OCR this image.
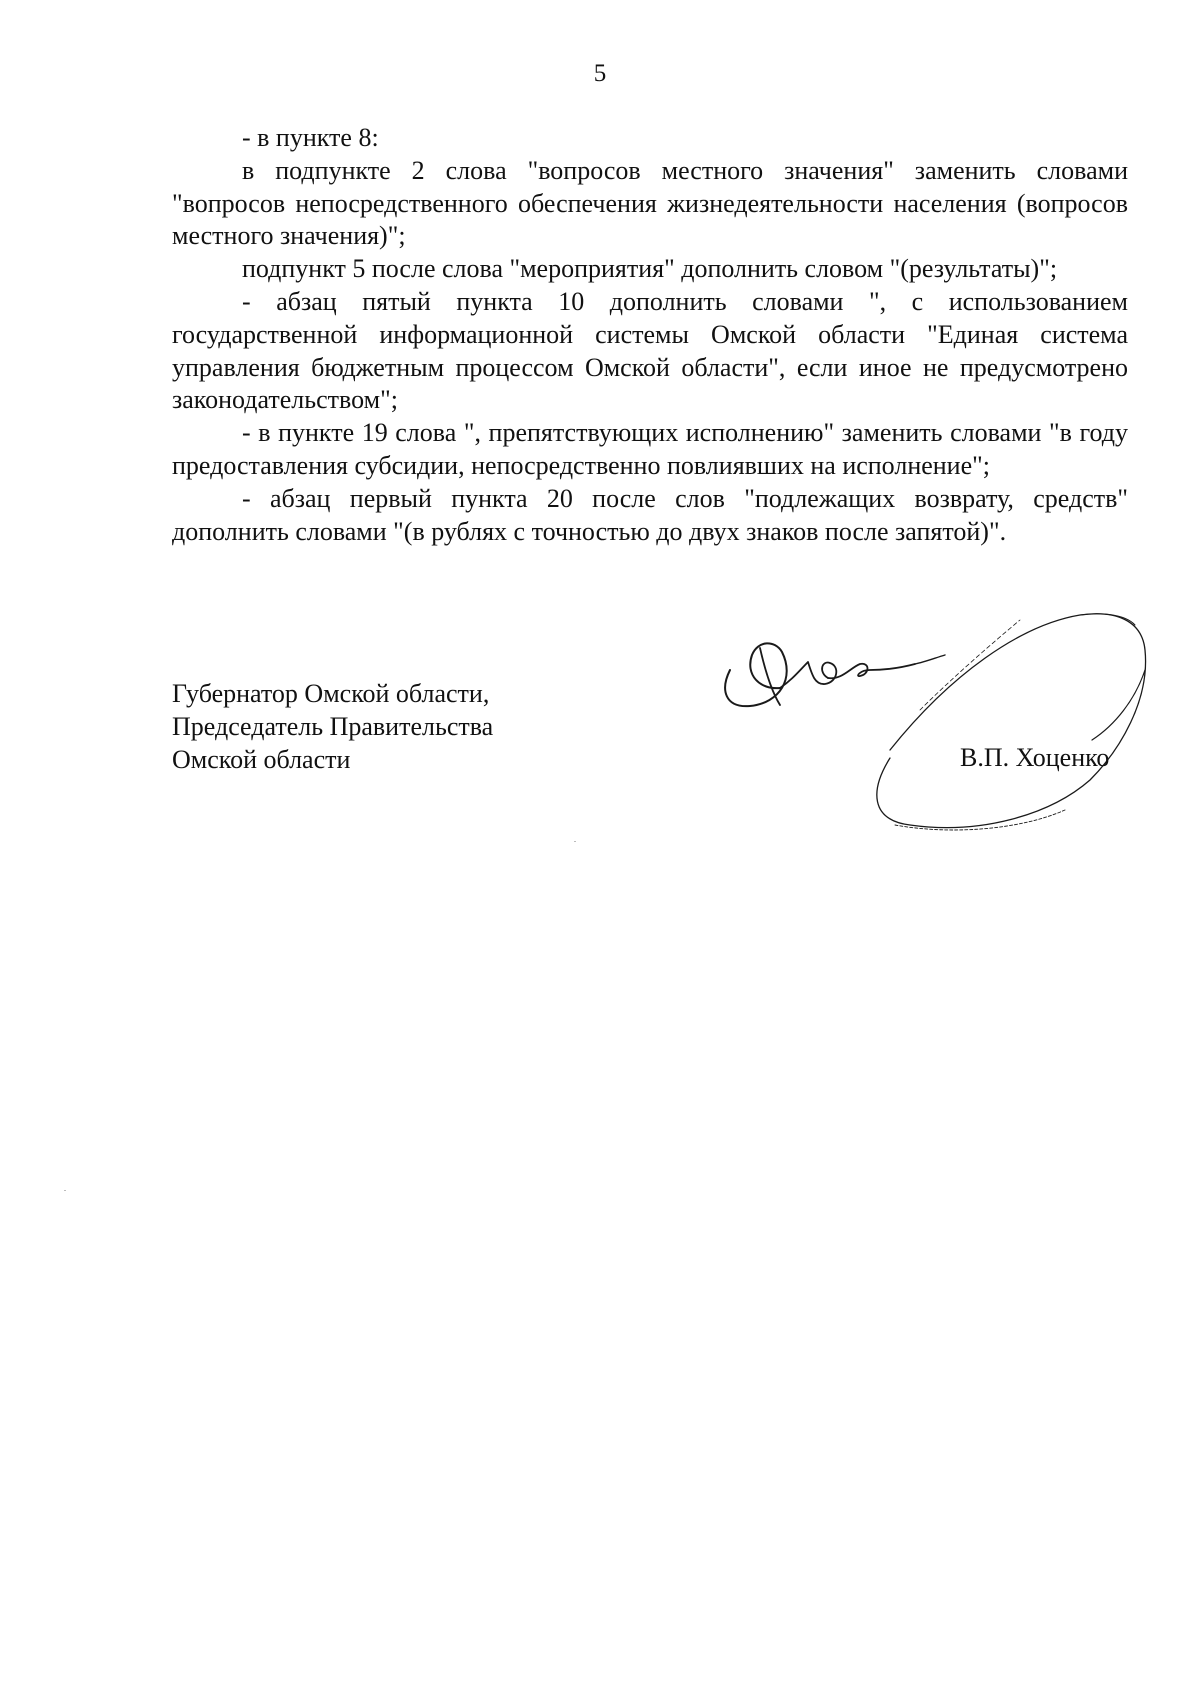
5

- в пункте 8:

в подпункте 2 слова "вопросов местного значения" заменить словами "вопросов непосредственного обеспечения жизнедеятельности населения (вопросов местного значения)";

подпункт 5 после слова "мероприятия" дополнить словом "(результаты)";

- абзац пятый пункта 10 дополнить словами ", с использованием государственной информационной системы Омской области "Единая система управления бюджетным процессом Омской области", если иное не предусмотрено законодательством";

- в пункте 19 слова ", препятствующих исполнению" заменить словами "в году предоставления субсидии, непосредственно повлиявших на исполнение";

- абзац первый пункта 20 после слов "подлежащих возврату, средств" дополнить словами "(в рублях с точностью до двух знаков после запятой)".

Губернатор Омской области,
Председатель Правительства
Омской области	В.П. Хоценко
